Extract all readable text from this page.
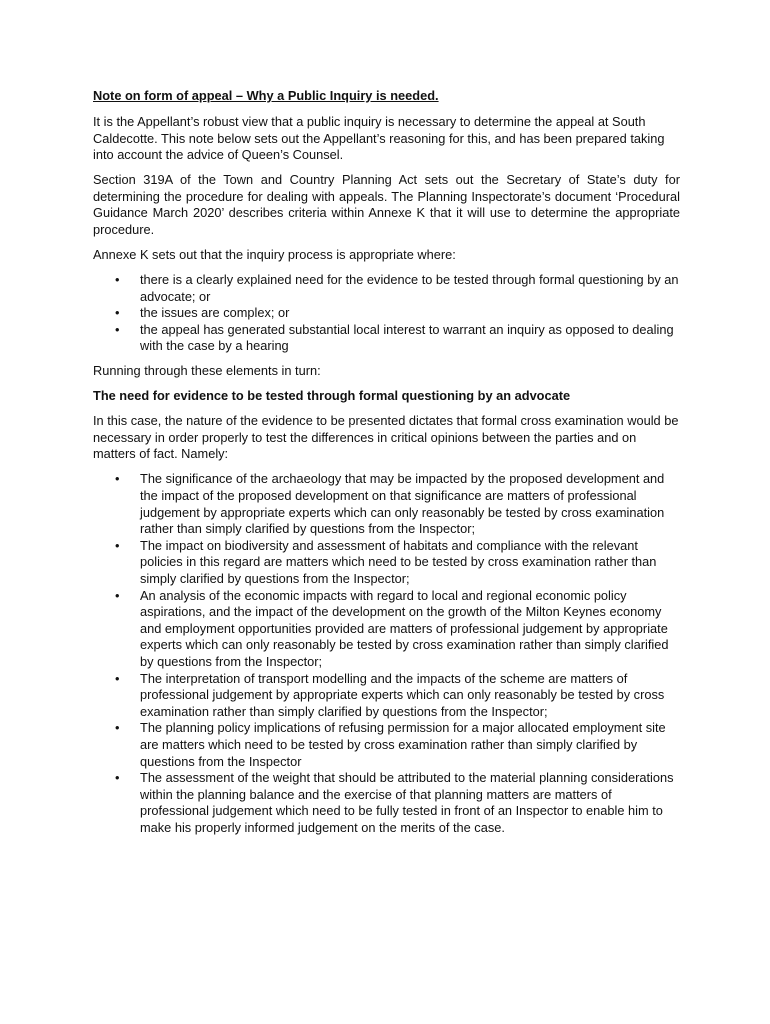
Note on form of appeal – Why a Public Inquiry is needed.

It is the Appellant’s robust view that a public inquiry is necessary to determine the appeal at South Caldecotte. This note below sets out the Appellant’s reasoning for this, and has been prepared taking into account the advice of Queen’s Counsel.

Section 319A of the Town and Country Planning Act sets out the Secretary of State’s duty for determining the procedure for dealing with appeals. The Planning Inspectorate’s document ‘Procedural Guidance March 2020’ describes criteria within Annexe K that it will use to determine the appropriate procedure.

Annexe K sets out that the inquiry process is appropriate where:

• there is a clearly explained need for the evidence to be tested through formal questioning by an advocate; or
• the issues are complex; or
• the appeal has generated substantial local interest to warrant an inquiry as opposed to dealing with the case by a hearing

Running through these elements in turn:

The need for evidence to be tested through formal questioning by an advocate

In this case, the nature of the evidence to be presented dictates that formal cross examination would be necessary in order properly to test the differences in critical opinions between the parties and on matters of fact. Namely:

• The significance of the archaeology that may be impacted by the proposed development and the impact of the proposed development on that significance are matters of professional judgement by appropriate experts which can only reasonably be tested by cross examination rather than simply clarified by questions from the Inspector;
• The impact on biodiversity and assessment of habitats and compliance with the relevant policies in this regard are matters which need to be tested by cross examination rather than simply clarified by questions from the Inspector;
• An analysis of the economic impacts with regard to local and regional economic policy aspirations, and the impact of the development on the growth of the Milton Keynes economy and employment opportunities provided are matters of professional judgement by appropriate experts which can only reasonably be tested by cross examination rather than simply clarified by questions from the Inspector;
• The interpretation of transport modelling and the impacts of the scheme are matters of professional judgement by appropriate experts which can only reasonably be tested by cross examination rather than simply clarified by questions from the Inspector;
• The planning policy implications of refusing permission for a major allocated employment site are matters which need to be tested by cross examination rather than simply clarified by questions from the Inspector
• The assessment of the weight that should be attributed to the material planning considerations within the planning balance and the exercise of that planning matters are matters of professional judgement which need to be fully tested in front of an Inspector to enable him to make his properly informed judgement on the merits of the case.
